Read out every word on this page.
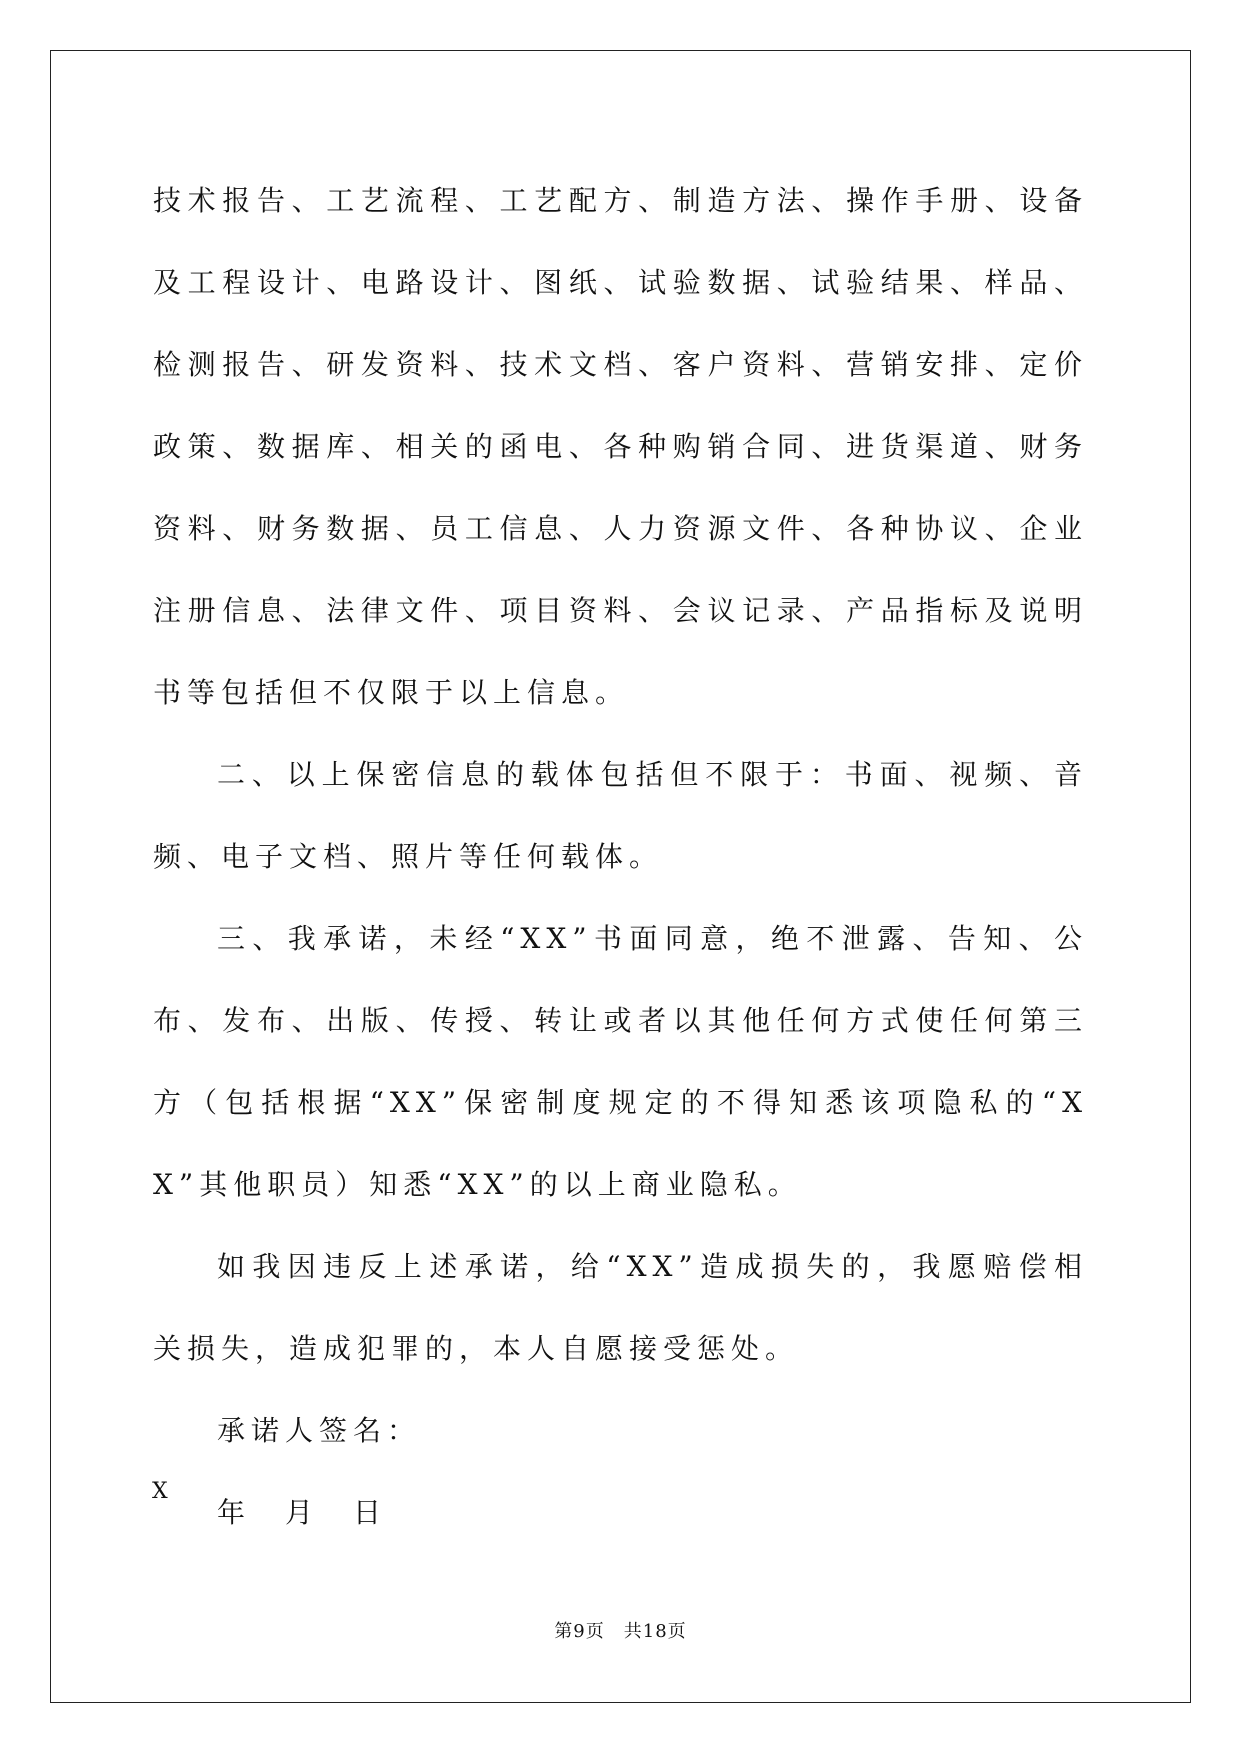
技术报告、工艺流程、工艺配方、制造方法、操作手册、设备及工程设计、电路设计、图纸、试验数据、试验结果、样品、检测报告、研发资料、技术文档、客户资料、营销安排、定价政策、数据库、相关的函电、各种购销合同、进货渠道、财务资料、财务数据、员工信息、人力资源文件、各种协议、企业注册信息、法律文件、项目资料、会议记录、产品指标及说明书等包括但不仅限于以上信息。

二、以上保密信息的载体包括但不限于：书面、视频、音频、电子文档、照片等任何载体。

三、我承诺，未经“XX”书面同意，绝不泄露、告知、公布、发布、出版、传授、转让或者以其他任何方式使任何第三方（包括根据“XX”保密制度规定的不得知悉该项隐私的“XX”其他职员）知悉“XX”的以上商业隐私。

如我因违反上述承诺，给“XX”造成损失的，我愿赔偿相关损失，造成犯罪的，本人自愿接受惩处。

承诺人签名：

年　月　日

X
第9页　共18页
